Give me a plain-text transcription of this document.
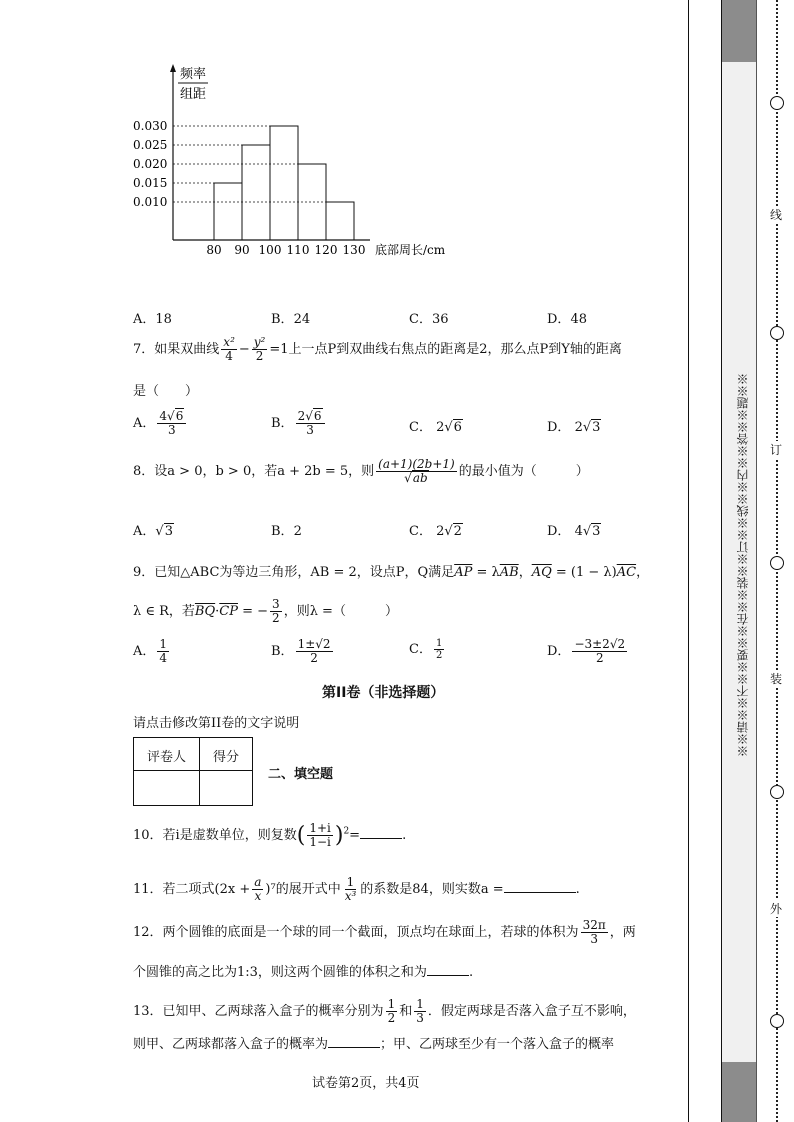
频率
组距
0.030
0.025
0.020
0.015
0.010
80 90 100 110 120 130 底部周长/cm
A．18	B．24	C．36	D．48
7．如果双曲线 $\frac{\text{x²}}{4} - \frac{\text{y²}}{2} =1$上一点P到双曲线右焦点的距离是2，那么点P到Y轴的距离
是（　　）
A． $\frac{4√6}{3}$	B． $\frac{2√6}{3}$	C． 2√6	D． 2√3
8．设a > 0，b > 0，若a + 2b = 5，则 $\frac{(a+1)(2b+1)}{√ab}$ 的最小值为（　　　）
A．√3	B．2	C． 2√2	D． 4√3
9．已知△ABC为等边三角形，AB = 2，设点P，Q满足$\overline{AP} = \lambda\overline{AB}$，$\overline{AQ} = (1 - \lambda)\overline{AC}$，
λ ∈ R，若$\overline{BQ}\cdot\overline{CP}$ = − $\frac{3}{2}$ ，则λ =（　　　）
A． $\frac{1}{4}$	B． $\frac{1\pm√2}{2}$	C． $\frac{1}{2}$	D． $\frac{-3\pm 2√2}{2}$
第II卷（非选择题）
请点击修改第II卷的文字说明
评卷人	得分
二、填空题
10．若i是虚数单位，则复数( $\frac{1+i}{1-i} )^2=$	.
11．若二项式$(2x + \frac{a}{x} )^7$的展开式中 $\frac{1}{\text{x³}}$ 的系数是84，则实数a =	.
12．两个圆锥的底面是一个球的同一个截面，顶点均在球面上，若球的体积为 $\frac{32\pi}{3}$ ，两
个圆锥的高之比为1:3，则这两个圆锥的体积之和为	.
13．已知甲、乙两球落入盒子的概率分别为 $\frac{1}{2}$ 和 $\frac{1}{3}$ ．假定两球是否落入盒子互不影响，
则甲、乙两球都落入盒子的概率为	；甲、乙两球至少有一个落入盒子的概率
试卷第2页，共4页
※※请※※不※※要※※在※※装※※订※※线※※内※※答※※题※※
线
订
装
外
